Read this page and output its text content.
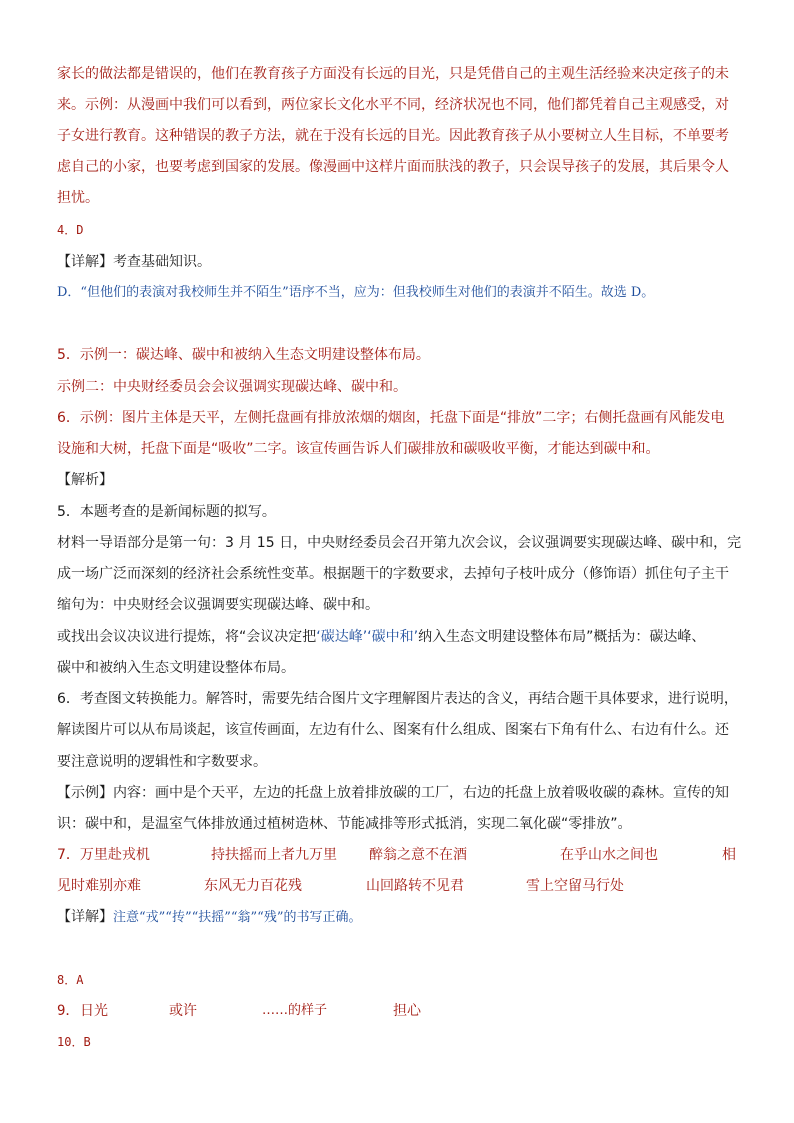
家长的做法都是错误的，他们在教育孩子方面没有长远的目光，只是凭借自己的主观生活经验来决定孩子的未
来。示例：从漫画中我们可以看到，两位家长文化水平不同，经济状况也不同，他们都凭着自己主观感受，对
子女进行教育。这种错误的教子方法，就在于没有长远的目光。因此教育孩子从小要树立人生目标，不单要考
虑自己的小家，也要考虑到国家的发展。像漫画中这样片面而肤浅的教子，只会误导孩子的发展，其后果令人
担忧。
4．D
【详解】考查基础知识。
D．“但他们的表演对我校师生并不陌生”语序不当，应为：但我校师生对他们的表演并不陌生。故选 D。
5．示例一：碳达峰、碳中和被纳入生态文明建设整体布局。
示例二：中央财经委员会会议强调实现碳达峰、碳中和。
6．示例：图片主体是天平，左侧托盘画有排放浓烟的烟囱，托盘下面是“排放”二字；右侧托盘画有风能发电
设施和大树，托盘下面是“吸收”二字。该宣传画告诉人们碳排放和碳吸收平衡，才能达到碳中和。
【解析】
5．本题考查的是新闻标题的拟写。
材料一导语部分是第一句：3 月 15 日，中央财经委员会召开第九次会议，会议强调要实现碳达峰、碳中和，完
成一场广泛而深刻的经济社会系统性变革。根据题干的字数要求，去掉句子枝叶成分（修饰语）抓住句子主干
缩句为：中央财经会议强调要实现碳达峰、碳中和。
或找出会议决议进行提炼，将“会议决定把‘碳达峰’‘碳中和’纳入生态文明建设整体布局”概括为：碳达峰、
碳中和被纳入生态文明建设整体布局。
6．考查图文转换能力。解答时，需要先结合图片文字理解图片表达的含义，再结合题干具体要求，进行说明，
解读图片可以从布局谈起，该宣传画面，左边有什么、图案有什么组成、图案右下角有什么、右边有什么。还
要注意说明的逻辑性和字数要求。
【示例】内容：画中是个天平，左边的托盘上放着排放碳的工厂，右边的托盘上放着吸收碳的森林。宣传的知
识：碳中和，是温室气体排放通过植树造林、节能减排等形式抵消，实现二氧化碳“零排放”。
7．万里赴戎机	持扶摇而上者九万里 醉翁之意不在酒	在乎山水之间也	相
见时难别亦难	东风无力百花残	山回路转不见君	雪上空留马行处
【详解】注意“戎”“抟”“扶摇”“翁”“残”的书写正确。
8．A
9． 日光	或许	……的样子	担心
10．B
